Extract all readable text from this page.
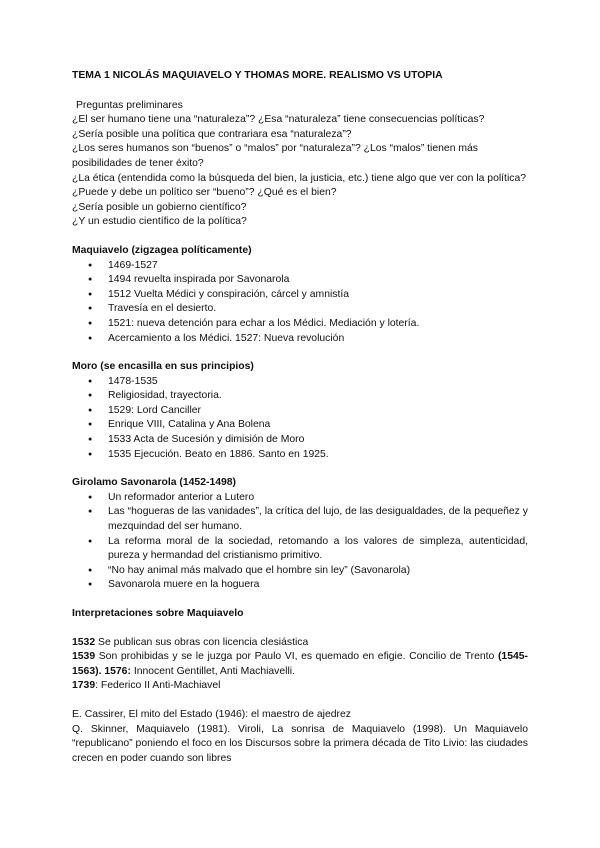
TEMA 1 NICOLÁS MAQUIAVELO Y THOMAS MORE. REALISMO VS UTOPIA

Preguntas preliminares

¿El ser humano tiene una “naturaleza”? ¿Esa “naturaleza” tiene consecuencias políticas?

¿Sería posible una política que contrariara esa “naturaleza”?

¿Los seres humanos son “buenos” o “malos” por “naturaleza”? ¿Los “malos” tienen más posibilidades de tener éxito?

¿La ética (entendida como la búsqueda del bien, la justicia, etc.) tiene algo que ver con la política? ¿Puede y debe un político ser “bueno”? ¿Qué es el bien?

¿Sería posible un gobierno científico?

¿Y un estudio científico de la política?

Maquiavelo (zigzagea políticamente)

● 1469-1527
● 1494 revuelta inspirada por Savonarola
● 1512 Vuelta Médici y conspiración, cárcel y amnistía
● Travesía en el desierto.
● 1521: nueva detención para echar a los Médici. Mediación y lotería.
● Acercamiento a los Médici. 1527: Nueva revolución

Moro (se encasilla en sus principios)

● 1478-1535
● Religiosidad, trayectoria.
● 1529: Lord Canciller
● Enrique VIII, Catalina y Ana Bolena
● 1533 Acta de Sucesión y dimisión de Moro
● 1535 Ejecución. Beato en 1886. Santo en 1925.

Girolamo Savonarola (1452-1498)

● Un reformador anterior a Lutero
● Las “hogueras de las vanidades”, la crítica del lujo, de las desigualdades, de la pequeñez y mezquindad del ser humano.
● La reforma moral de la sociedad, retomando a los valores de simpleza, autenticidad, pureza y hermandad del cristianismo primitivo.
● “No hay animal más malvado que el hombre sin ley” (Savonarola)
● Savonarola muere en la hoguera

Interpretaciones sobre Maquiavelo

1532 Se publican sus obras con licencia clesiástica

1539 Son prohibidas y se le juzga por Paulo VI, es quemado en efigie. Concilio de Trento (1545-1563). 1576: Innocent Gentillet, Anti Machiavelli.

1739: Federico II Anti-Machiavel

E. Cassirer, El mito del Estado (1946): el maestro de ajedrez

Q. Skinner, Maquiavelo (1981). Viroli, La sonrisa de Maquiavelo (1998). Un Maquiavelo “republicano” poniendo el foco en los Discursos sobre la primera década de Tito Livio: las ciudades crecen en poder cuando son libres
